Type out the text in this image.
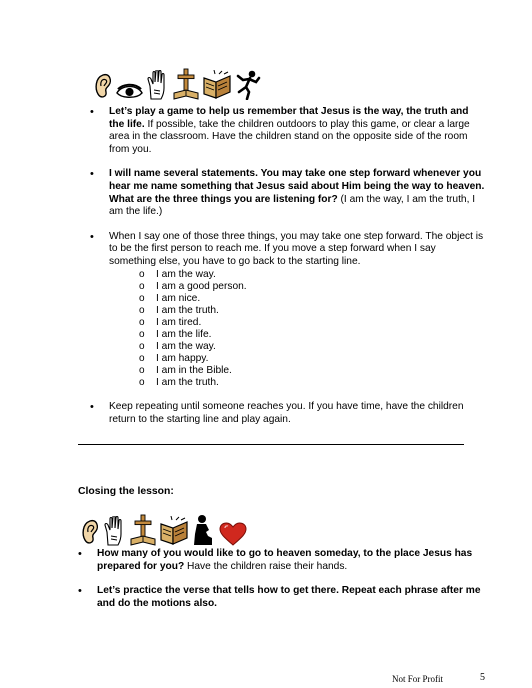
• Let’s play a game to help us remember that Jesus is the way, the truth and the life. If possible, take the children outdoors to play this game, or clear a large area in the classroom. Have the children stand on the opposite side of the room from you.
• I will name several statements. You may take one step forward whenever you hear me name something that Jesus said about Him being the way to heaven. What are the three things you are listening for? (I am the way, I am the truth, I am the life.)
• When I say one of those three things, you may take one step forward. The object is to be the first person to reach me. If you move a step forward when I say something else, you have to go back to the starting line.
o I am the way.
o I am a good person.
o I am nice.
o I am the truth.
o I am tired.
o I am the life.
o I am the way.
o I am happy.
o I am in the Bible.
o I am the truth.
• Keep repeating until someone reaches you. If you have time, have the children return to the starting line and play again.
Closing the lesson:
• How many of you would like to go to heaven someday, to the place Jesus has prepared for you? Have the children raise their hands.
• Let’s practice the verse that tells how to get there. Repeat each phrase after me and do the motions also.
Not For Profit	5
